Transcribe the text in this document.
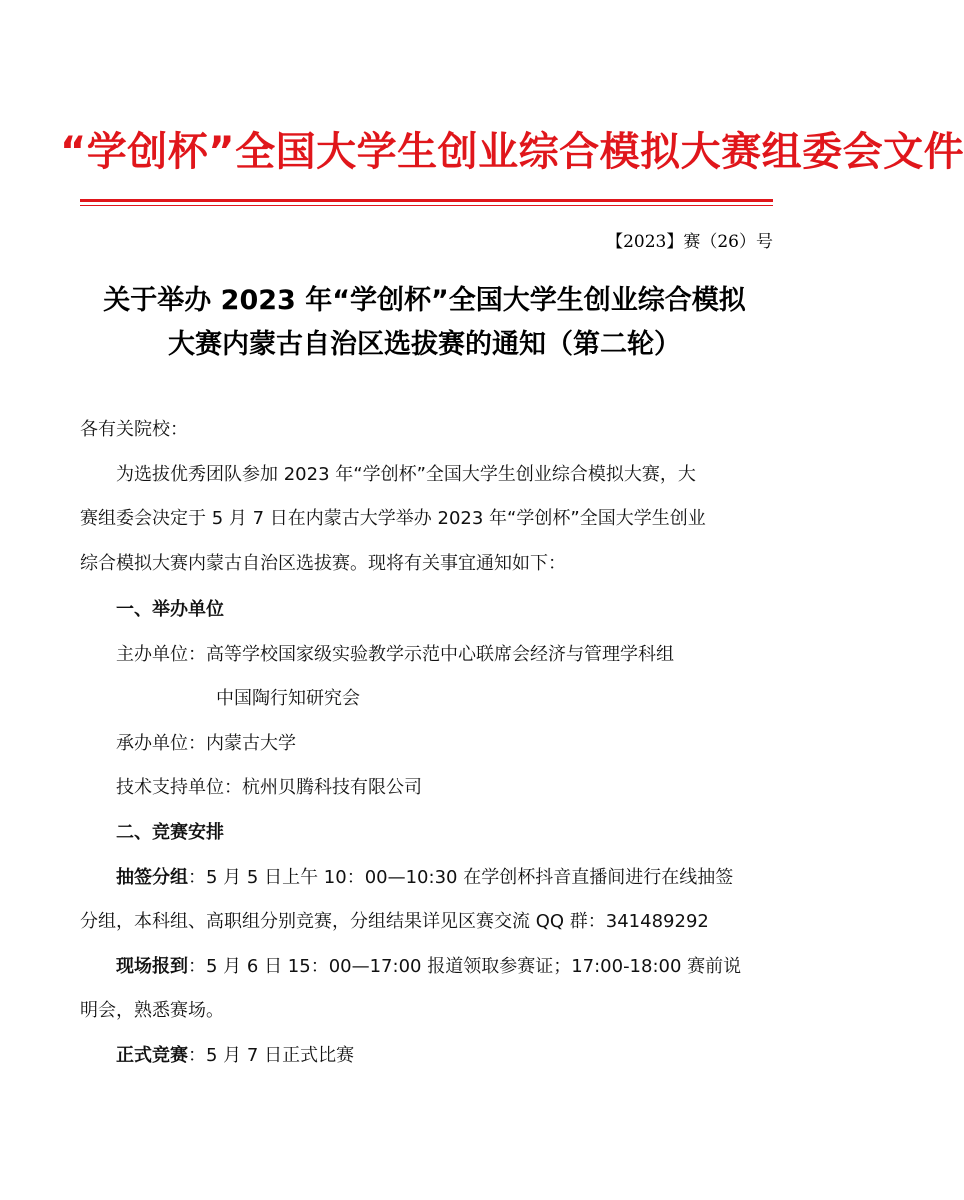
“学创杯”全国大学生创业综合模拟大赛组委会文件
【2023】赛（26）号
关于举办 2023 年“学创杯”全国大学生创业综合模拟
大赛内蒙古自治区选拔赛的通知（第二轮）
各有关院校：
为选拔优秀团队参加 2023 年“学创杯”全国大学生创业综合模拟大赛，大
赛组委会决定于 5 月 7 日在内蒙古大学举办 2023 年“学创杯”全国大学生创业
综合模拟大赛内蒙古自治区选拔赛。现将有关事宜通知如下：
一、举办单位
主办单位：高等学校国家级实验教学示范中心联席会经济与管理学科组
中国陶行知研究会
承办单位：内蒙古大学
技术支持单位：杭州贝腾科技有限公司
二、竞赛安排
抽签分组：5 月 5 日上午 10：00—10:30 在学创杯抖音直播间进行在线抽签
分组，本科组、高职组分别竞赛，分组结果详见区赛交流 QQ 群：341489292
现场报到：5 月 6 日 15：00—17:00 报道领取参赛证；17:00-18:00 赛前说
明会，熟悉赛场。
正式竞赛：5 月 7 日正式比赛
